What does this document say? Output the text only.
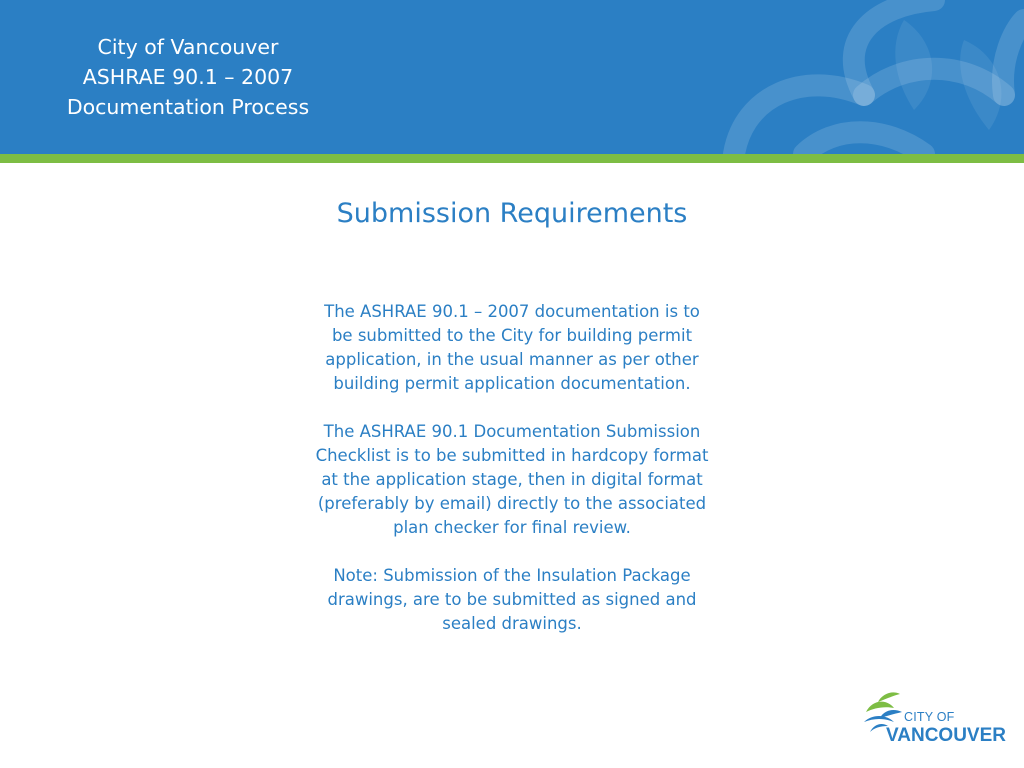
City of Vancouver
ASHRAE 90.1 – 2007
Documentation Process
Submission Requirements

The ASHRAE 90.1 – 2007 documentation is to be submitted to the City for building permit application, in the usual manner as per other building permit application documentation.

The ASHRAE 90.1 Documentation Submission Checklist is to be submitted in hardcopy format at the application stage, then in digital format (preferably by email) directly to the associated plan checker for final review.

Note: Submission of the Insulation Package drawings, are to be submitted as signed and sealed drawings.

CITY OF
VANCOUVER
